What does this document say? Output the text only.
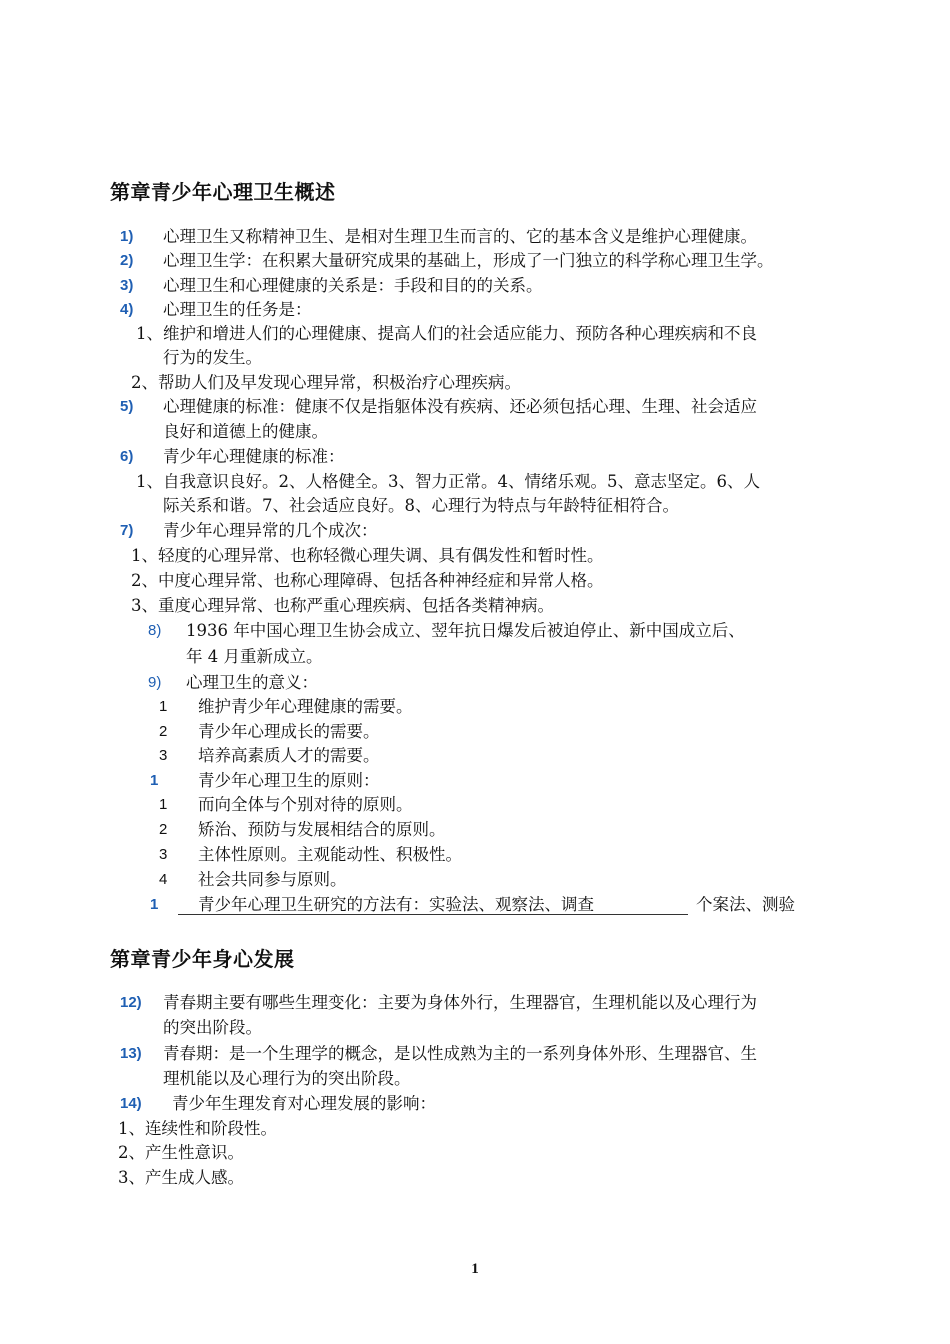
第章青少年心理卫生概述
1) 心理卫生又称精神卫生、是相对生理卫生而言的、它的基本含义是维护心理健康。
2) 心理卫生学：在积累大量研究成果的基础上，形成了一门独立的科学称心理卫生学。
3) 心理卫生和心理健康的关系是：手段和目的的关系。
4) 心理卫生的任务是：
1、维护和增进人们的心理健康、提高人们的社会适应能力、预防各种心理疾病和不良
行为的发生。
2、帮助人们及早发现心理异常，积极治疗心理疾病。
5) 心理健康的标准：健康不仅是指躯体没有疾病、还必须包括心理、生理、社会适应
良好和道德上的健康。
6) 青少年心理健康的标准：
1、自我意识良好。2、人格健全。3、智力正常。4、情绪乐观。5、意志坚定。6、人
际关系和谐。7、社会适应良好。8、心理行为特点与年龄特征相符合。
7) 青少年心理异常的几个成次：
1、轻度的心理异常、也称轻微心理失调、具有偶发性和暂时性。
2、中度心理异常、也称心理障碍、包括各种神经症和异常人格。
3、重度心理异常、也称严重心理疾病、包括各类精神病。
8) 1936 年中国心理卫生协会成立、翌年抗日爆发后被迫停止、新中国成立后、
年 4 月重新成立。
9) 心理卫生的意义：
1 维护青少年心理健康的需要。
2 青少年心理成长的需要。
3 培养高素质人才的需要。
1 青少年心理卫生的原则：
1 而向全体与个别对待的原则。
2 矫治、预防与发展相结合的原则。
3 主体性原则。主观能动性、积极性。
4 社会共同参与原则。
1 青少年心理卫生研究的方法有：实验法、观察法、调查	个案法、测验
第章青少年身心发展
12) 青春期主要有哪些生理变化：主要为身体外行，生理器官，生理机能以及心理行为
的突出阶段。
13) 青春期：是一个生理学的概念，是以性成熟为主的一系列身体外形、生理器官、生
理机能以及心理行为的突出阶段。
14) 青少年生理发育对心理发展的影响：
1、连续性和阶段性。
2、产生性意识。
3、产生成人感。
1
